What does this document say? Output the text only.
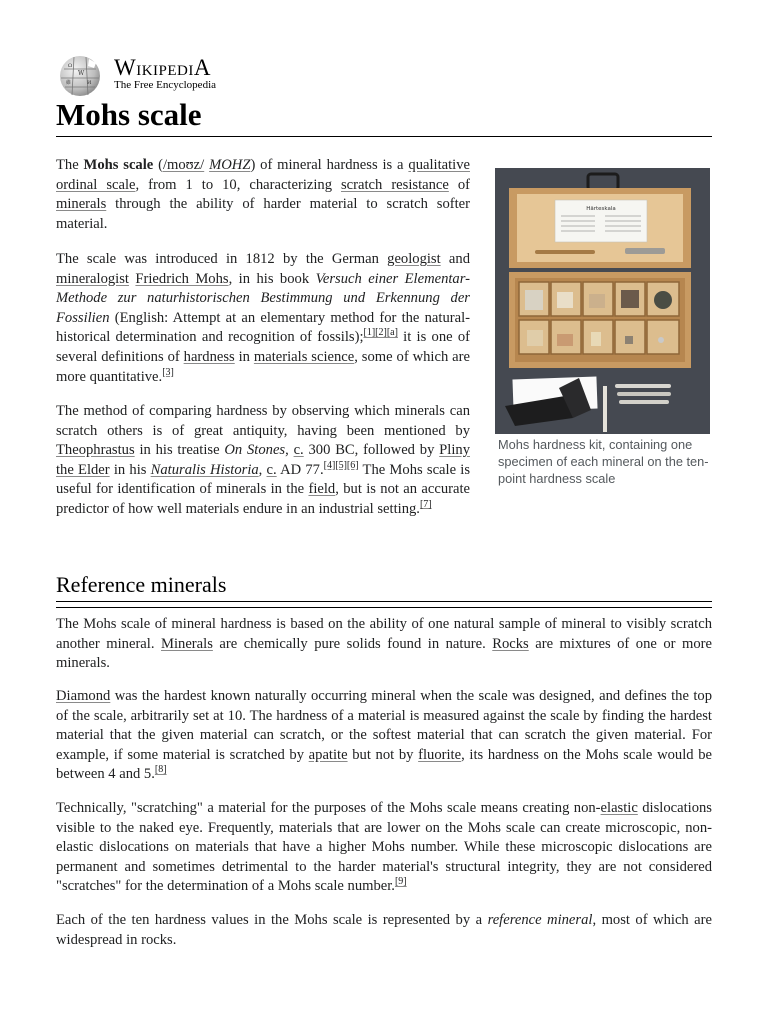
Ω
W
維	И
WikipediA
The Free Encyclopedia
Mohs scale

The Mohs scale (/moʊz/ MOHZ) of mineral hardness is a qualitative ordinal scale, from 1 to 10, characterizing scratch resistance of minerals through the ability of harder material to scratch softer material.

The scale was introduced in 1812 by the German geologist and mineralogist Friedrich Mohs, in his book Versuch einer Elementar-Methode zur naturhistorischen Bestimmung und Erkennung der Fossilien (English: Attempt at an elementary method for the natural-historical determination and recognition of fossils);[1][2][a] it is one of several definitions of hardness in materials science, some of which are more quantitative.[3]

The method of comparing hardness by observing which minerals can scratch others is of great antiquity, having been mentioned by Theophrastus in his treatise On Stones, c. 300 BC, followed by Pliny the Elder in his Naturalis Historia, c. AD 77.[4][5][6] The Mohs scale is useful for identification of minerals in the field, but is not an accurate predictor of how well materials endure in an industrial setting.[7]

Härteskala
Mohs hardness kit, containing one specimen of each mineral on the ten-point hardness scale
Reference minerals

The Mohs scale of mineral hardness is based on the ability of one natural sample of mineral to visibly scratch another mineral. Minerals are chemically pure solids found in nature. Rocks are mixtures of one or more minerals.

Diamond was the hardest known naturally occurring mineral when the scale was designed, and defines the top of the scale, arbitrarily set at 10. The hardness of a material is measured against the scale by finding the hardest material that the given material can scratch, or the softest material that can scratch the given material. For example, if some material is scratched by apatite but not by fluorite, its hardness on the Mohs scale would be between 4 and 5.[8]

Technically, "scratching" a material for the purposes of the Mohs scale means creating non-elastic dislocations visible to the naked eye. Frequently, materials that are lower on the Mohs scale can create microscopic, non-elastic dislocations on materials that have a higher Mohs number. While these microscopic dislocations are permanent and sometimes detrimental to the harder material's structural integrity, they are not considered "scratches" for the determination of a Mohs scale number.[9]

Each of the ten hardness values in the Mohs scale is represented by a reference mineral, most of which are widespread in rocks.
